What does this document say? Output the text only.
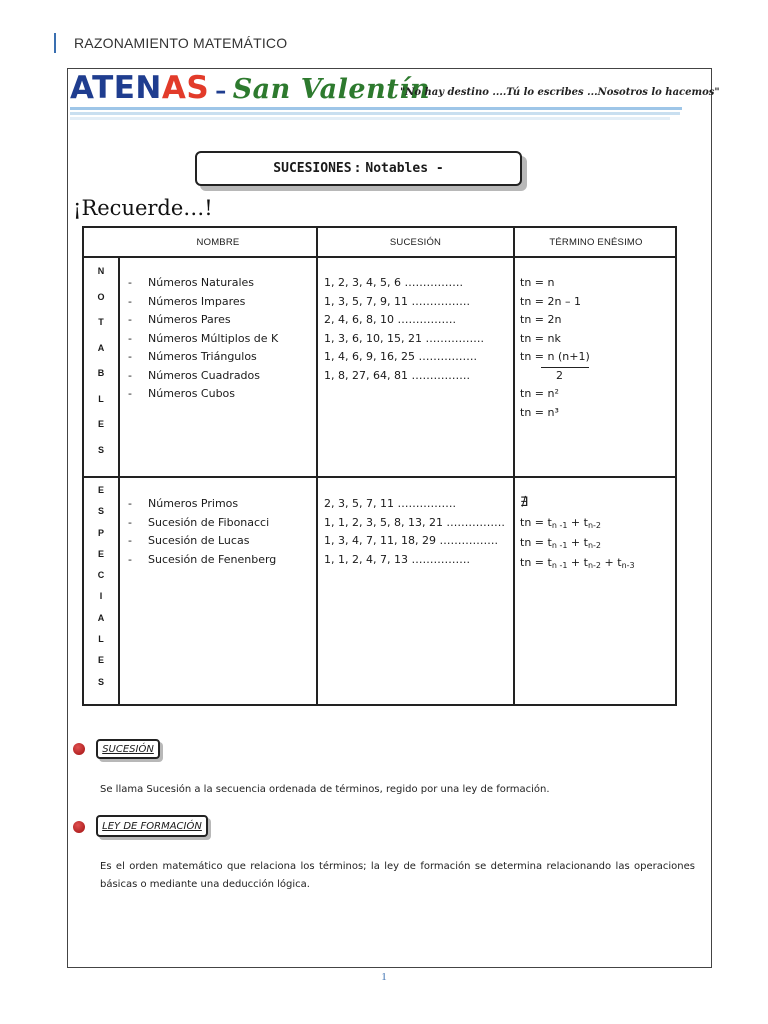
RAZONAMIENTO MATEMÁTICO
ATENAS – San Valentín
"No hay destino ....Tú lo escribes ...Nosotros lo hacemos"
SUCESIONES : Notables -
¡Recuerde…!
NOMBRE	SUCESIÓN	TÉRMINO ENÉSIMO
N
O
T
A
B
L
E
S
- Números Naturales
- Números Impares
- Números Pares
- Números Múltiplos de K
- Números Triángulos
- Números Cuadrados
- Números Cubos
1, 2, 3, 4, 5, 6 …………….
1, 3, 5, 7, 9, 11 …………….
2, 4, 6, 8, 10 …………….
1, 3, 6, 10, 15, 21 …………….
1, 4, 6, 9, 16, 25 …………….
1, 8, 27, 64, 81 …………….
tn = n
tn = 2n – 1
tn = 2n
tn = nk
tn = n (n+1)
2
tn = n²
tn = n³
E
S
P
E
C
I
A
L
E
S
- Números Primos
- Sucesión de Fibonacci
- Sucesión de Lucas
- Sucesión de Fenenberg
2, 3, 5, 7, 11 …………….
1, 1, 2, 3, 5, 8, 13, 21 …………….
1, 3, 4, 7, 11, 18, 29 …………….
1, 1, 2, 4, 7, 13 …………….
∄
tn = $t_{n -1} + t_{n-2}$
tn = $t_{n -1} + t_{n-2}$
tn = $t_{n -1} + t_{n-2} + t_{n-3}$
SUCESIÓN
Se llama Sucesión a la secuencia ordenada de términos, regido por una ley de formación.
LEY DE FORMACIÓN
Es el orden matemático que relaciona los términos; la ley de formación se determina relacionando las operaciones básicas o mediante una deducción lógica.
1
